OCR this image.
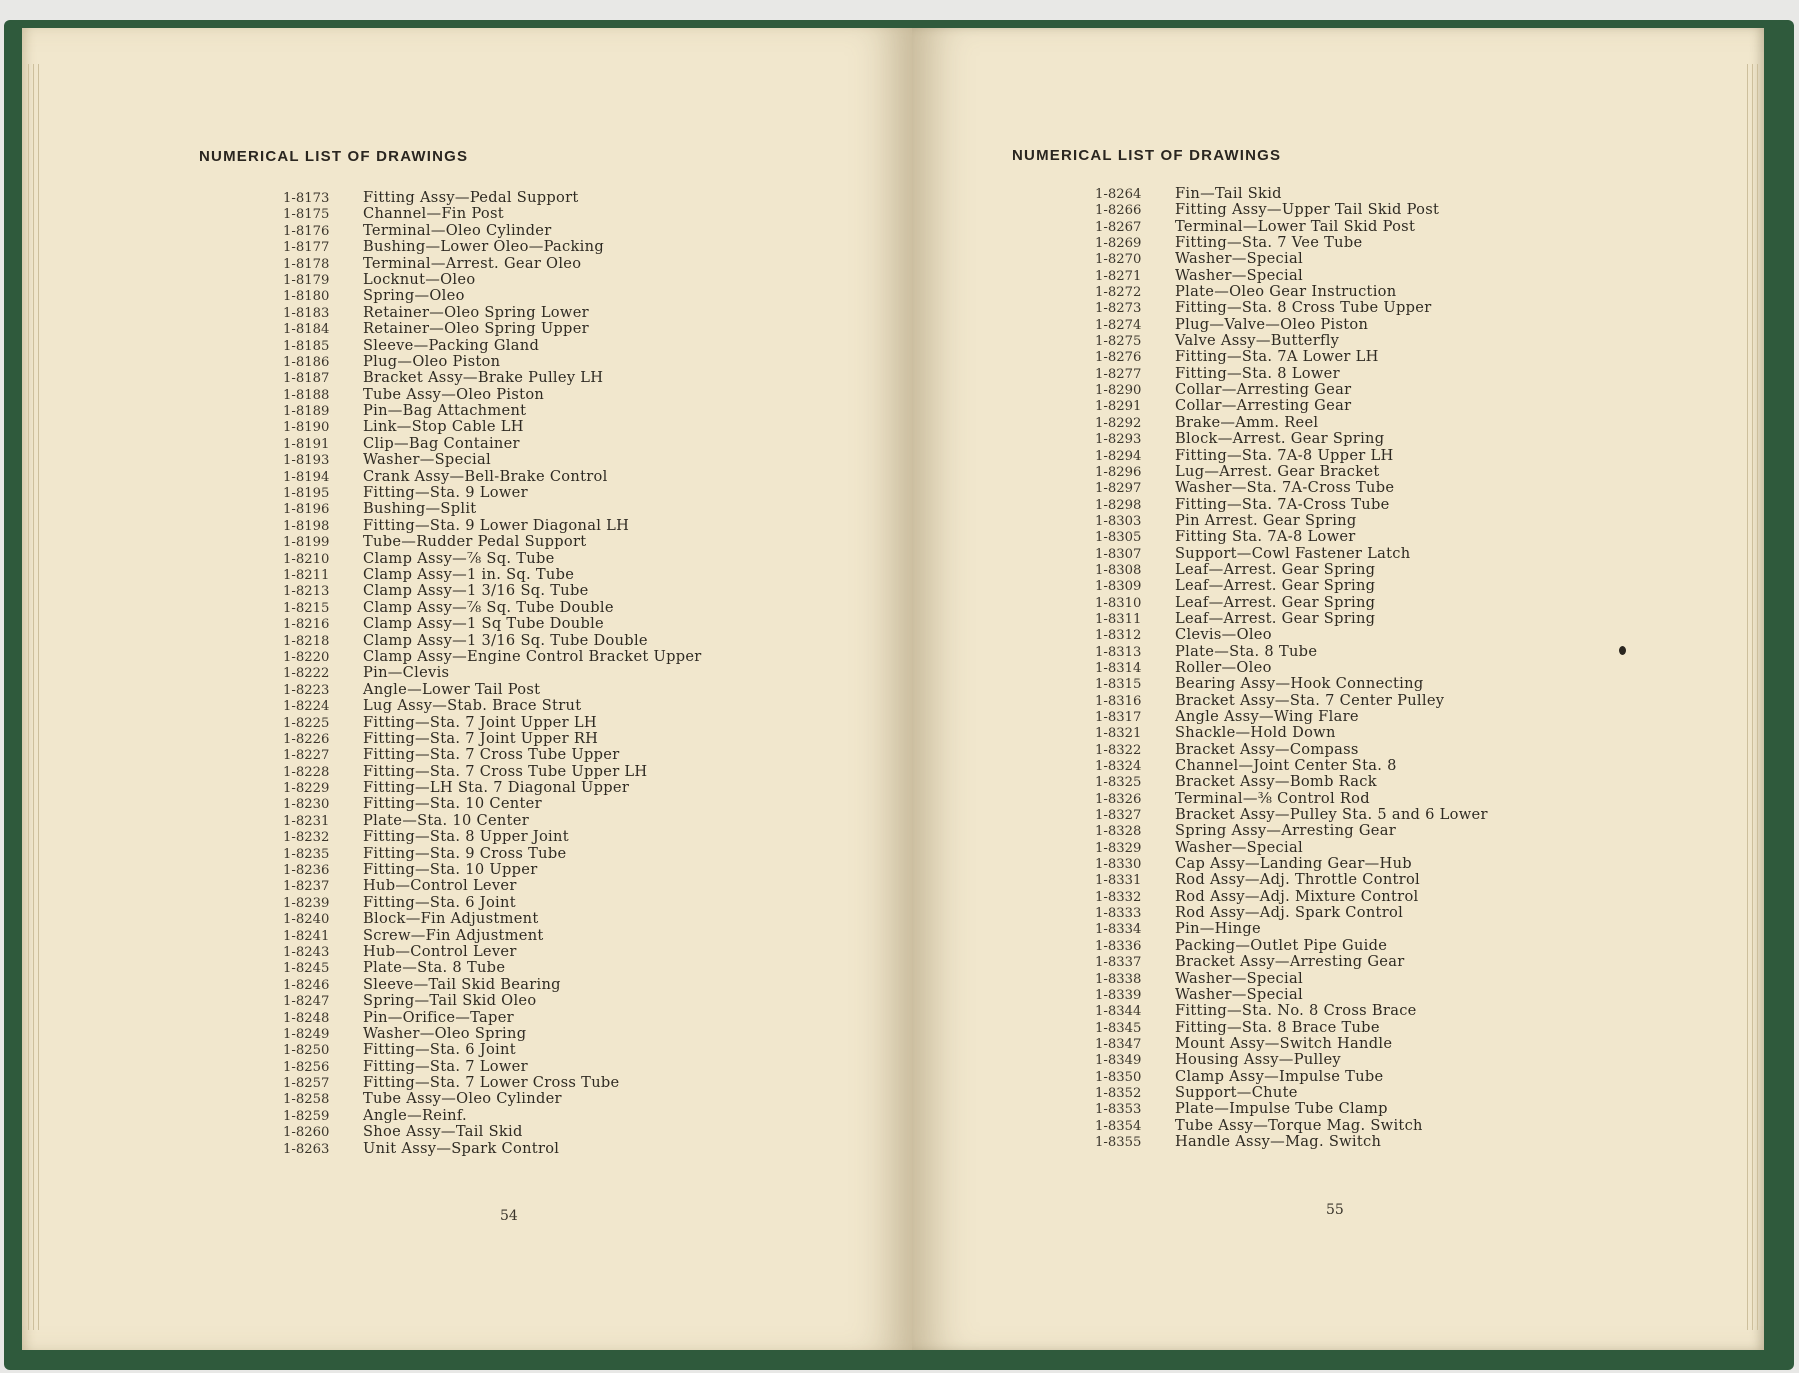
NUMERICAL LIST OF DRAWINGS
1-8173 Fitting Assy—Pedal Support
1-8175 Channel—Fin Post
1-8176 Terminal—Oleo Cylinder
1-8177 Bushing—Lower Oleo—Packing
1-8178 Terminal—Arrest. Gear Oleo
1-8179 Locknut—Oleo
1-8180 Spring—Oleo
1-8183 Retainer—Oleo Spring Lower
1-8184 Retainer—Oleo Spring Upper
1-8185 Sleeve—Packing Gland
1-8186 Plug—Oleo Piston
1-8187 Bracket Assy—Brake Pulley LH
1-8188 Tube Assy—Oleo Piston
1-8189 Pin—Bag Attachment
1-8190 Link—Stop Cable LH
1-8191 Clip—Bag Container
1-8193 Washer—Special
1-8194 Crank Assy—Bell-Brake Control
1-8195 Fitting—Sta. 9 Lower
1-8196 Bushing—Split
1-8198 Fitting—Sta. 9 Lower Diagonal LH
1-8199 Tube—Rudder Pedal Support
1-8210 Clamp Assy—⅞ Sq. Tube
1-8211 Clamp Assy—1 in. Sq. Tube
1-8213 Clamp Assy—1 3/16 Sq. Tube
1-8215 Clamp Assy—⅞ Sq. Tube Double
1-8216 Clamp Assy—1 Sq Tube Double
1-8218 Clamp Assy—1 3/16 Sq. Tube Double
1-8220 Clamp Assy—Engine Control Bracket Upper
1-8222 Pin—Clevis
1-8223 Angle—Lower Tail Post
1-8224 Lug Assy—Stab. Brace Strut
1-8225 Fitting—Sta. 7 Joint Upper LH
1-8226 Fitting—Sta. 7 Joint Upper RH
1-8227 Fitting—Sta. 7 Cross Tube Upper
1-8228 Fitting—Sta. 7 Cross Tube Upper LH
1-8229 Fitting—LH Sta. 7 Diagonal Upper
1-8230 Fitting—Sta. 10 Center
1-8231 Plate—Sta. 10 Center
1-8232 Fitting—Sta. 8 Upper Joint
1-8235 Fitting—Sta. 9 Cross Tube
1-8236 Fitting—Sta. 10 Upper
1-8237 Hub—Control Lever
1-8239 Fitting—Sta. 6 Joint
1-8240 Block—Fin Adjustment
1-8241 Screw—Fin Adjustment
1-8243 Hub—Control Lever
1-8245 Plate—Sta. 8 Tube
1-8246 Sleeve—Tail Skid Bearing
1-8247 Spring—Tail Skid Oleo
1-8248 Pin—Orifice—Taper
1-8249 Washer—Oleo Spring
1-8250 Fitting—Sta. 6 Joint
1-8256 Fitting—Sta. 7 Lower
1-8257 Fitting—Sta. 7 Lower Cross Tube
1-8258 Tube Assy—Oleo Cylinder
1-8259 Angle—Reinf.
1-8260 Shoe Assy—Tail Skid
1-8263 Unit Assy—Spark Control
54
NUMERICAL LIST OF DRAWINGS
1-8264 Fin—Tail Skid
1-8266 Fitting Assy—Upper Tail Skid Post
1-8267 Terminal—Lower Tail Skid Post
1-8269 Fitting—Sta. 7 Vee Tube
1-8270 Washer—Special
1-8271 Washer—Special
1-8272 Plate—Oleo Gear Instruction
1-8273 Fitting—Sta. 8 Cross Tube Upper
1-8274 Plug—Valve—Oleo Piston
1-8275 Valve Assy—Butterfly
1-8276 Fitting—Sta. 7A Lower LH
1-8277 Fitting—Sta. 8 Lower
1-8290 Collar—Arresting Gear
1-8291 Collar—Arresting Gear
1-8292 Brake—Amm. Reel
1-8293 Block—Arrest. Gear Spring
1-8294 Fitting—Sta. 7A-8 Upper LH
1-8296 Lug—Arrest. Gear Bracket
1-8297 Washer—Sta. 7A-Cross Tube
1-8298 Fitting—Sta. 7A-Cross Tube
1-8303 Pin Arrest. Gear Spring
1-8305 Fitting Sta. 7A-8 Lower
1-8307 Support—Cowl Fastener Latch
1-8308 Leaf—Arrest. Gear Spring
1-8309 Leaf—Arrest. Gear Spring
1-8310 Leaf—Arrest. Gear Spring
1-8311 Leaf—Arrest. Gear Spring
1-8312 Clevis—Oleo
1-8313 Plate—Sta. 8 Tube
1-8314 Roller—Oleo
1-8315 Bearing Assy—Hook Connecting
1-8316 Bracket Assy—Sta. 7 Center Pulley
1-8317 Angle Assy—Wing Flare
1-8321 Shackle—Hold Down
1-8322 Bracket Assy—Compass
1-8324 Channel—Joint Center Sta. 8
1-8325 Bracket Assy—Bomb Rack
1-8326 Terminal—⅜ Control Rod
1-8327 Bracket Assy—Pulley Sta. 5 and 6 Lower
1-8328 Spring Assy—Arresting Gear
1-8329 Washer—Special
1-8330 Cap Assy—Landing Gear—Hub
1-8331 Rod Assy—Adj. Throttle Control
1-8332 Rod Assy—Adj. Mixture Control
1-8333 Rod Assy—Adj. Spark Control
1-8334 Pin—Hinge
1-8336 Packing—Outlet Pipe Guide
1-8337 Bracket Assy—Arresting Gear
1-8338 Washer—Special
1-8339 Washer—Special
1-8344 Fitting—Sta. No. 8 Cross Brace
1-8345 Fitting—Sta. 8 Brace Tube
1-8347 Mount Assy—Switch Handle
1-8349 Housing Assy—Pulley
1-8350 Clamp Assy—Impulse Tube
1-8352 Support—Chute
1-8353 Plate—Impulse Tube Clamp
1-8354 Tube Assy—Torque Mag. Switch
1-8355 Handle Assy—Mag. Switch
55
